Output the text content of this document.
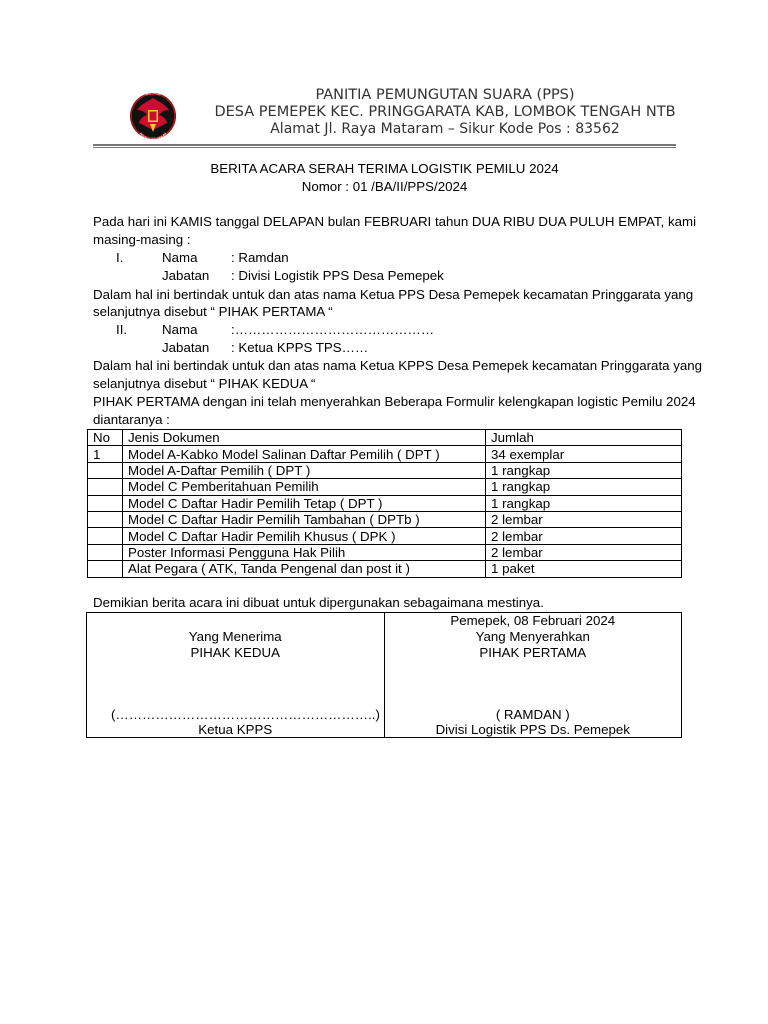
KOMISI
PEMILIHAN UMUM
PANITIA PEMUNGUTAN SUARA (PPS)
DESA PEMEPEK KEC. PRINGGARATA KAB, LOMBOK TENGAH NTB
Alamat Jl. Raya Mataram – Sikur Kode Pos : 83562
BERITA ACARA SERAH TERIMA LOGISTIK PEMILU 2024
Nomor : 01 /BA/II/PPS/2024
Pada hari ini KAMIS tanggal DELAPAN bulan FEBRUARI tahun DUA RIBU DUA PULUH EMPAT, kami
masing-masing :
I.	Nama	: Ramdan
Jabatan : Divisi Logistik PPS Desa Pemepek
Dalam hal ini bertindak untuk dan atas nama Ketua PPS Desa Pemepek kecamatan Pringgarata yang
selanjutnya disebut “ PIHAK PERTAMA “
II.	Nama	:………………………………………
Jabatan : Ketua KPPS TPS……
Dalam hal ini bertindak untuk dan atas nama Ketua KPPS Desa Pemepek kecamatan Pringgarata yang
selanjutnya disebut “ PIHAK KEDUA “
PIHAK PERTAMA dengan ini telah menyerahkan Beberapa Formulir kelengkapan logistic Pemilu 2024
diantaranya :
No	Jenis Dokumen	Jumlah
1	Model A-Kabko Model Salinan Daftar Pemilih ( DPT )	34 exemplar
	Model A-Daftar Pemilih ( DPT )	1 rangkap
	Model C Pemberitahuan Pemilih	1 rangkap
	Model C Daftar Hadir Pemilih Tetap ( DPT )	1 rangkap
	Model C Daftar Hadir Pemilih Tambahan ( DPTb )	2 lembar
	Model C Daftar Hadir Pemilih Khusus ( DPK )	2 lembar
	Poster Informasi Pengguna Hak Pilih	2 lembar
	Alat Pegara ( ATK, Tanda Pengenal dan post it )	1 paket
Demikian berita acara ini dibuat untuk dipergunakan sebagaimana mestinya.
Yang Menerima
PIHAK KEDUA
(…………………………………………………..)
Ketua KPPS

Pemepek, 08 Februari 2024
Yang Menyerahkan
PIHAK PERTAMA
( RAMDAN )
Divisi Logistik PPS Ds. Pemepek
